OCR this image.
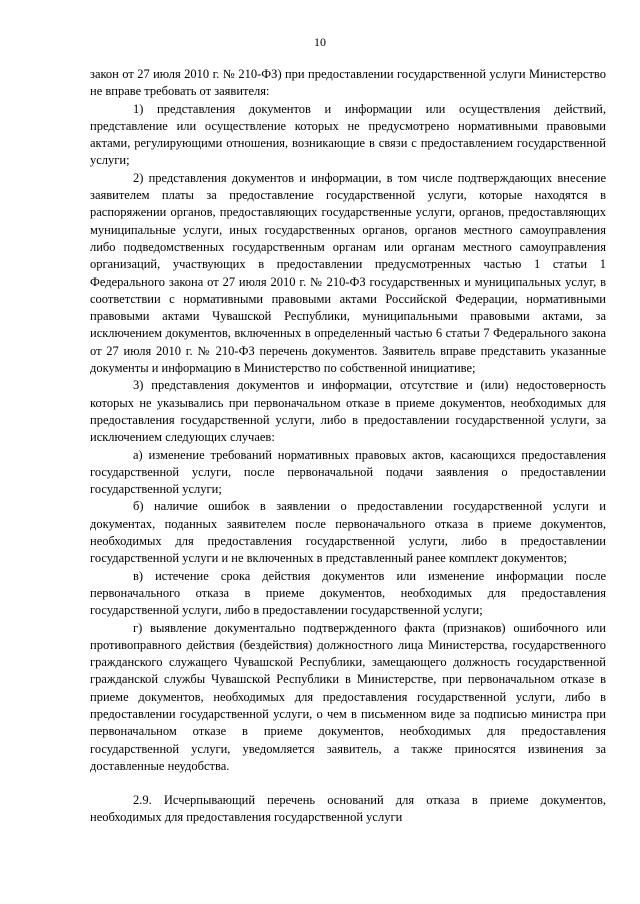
10

закон от 27 июля 2010 г. № 210-ФЗ) при предоставлении государственной услуги Министерство не вправе требовать от заявителя:

1) представления документов и информации или осуществления действий, представление или осуществление которых не предусмотрено нормативными правовыми актами, регулирующими отношения, возникающие в связи с предоставлением государственной услуги;

2) представления документов и информации, в том числе подтверждающих внесение заявителем платы за предоставление государственной услуги, которые находятся в распоряжении органов, предоставляющих государственные услуги, органов, предоставляющих муниципальные услуги, иных государственных органов, органов местного самоуправления либо подведомственных государственным органам или органам местного самоуправления организаций, участвующих в предоставлении предусмотренных частью 1 статьи 1 Федерального закона от 27 июля 2010 г. № 210-ФЗ государственных и муниципальных услуг, в соответствии с нормативными правовыми актами Российской Федерации, нормативными правовыми актами Чувашской Республики, муниципальными правовыми актами, за исключением документов, включенных в определенный частью 6 статьи 7 Федерального закона от 27 июля 2010 г. № 210-ФЗ перечень документов. Заявитель вправе представить указанные документы и информацию в Министерство по собственной инициативе;

3) представления документов и информации, отсутствие и (или) недостоверность которых не указывались при первоначальном отказе в приеме документов, необходимых для предоставления государственной услуги, либо в предоставлении государственной услуги, за исключением следующих случаев:

а) изменение требований нормативных правовых актов, касающихся предоставления государственной услуги, после первоначальной подачи заявления о предоставлении государственной услуги;

б) наличие ошибок в заявлении о предоставлении государственной услуги и документах, поданных заявителем после первоначального отказа в приеме документов, необходимых для предоставления государственной услуги, либо в предоставлении государственной услуги и не включенных в представленный ранее комплект документов;

в) истечение срока действия документов или изменение информации после первоначального отказа в приеме документов, необходимых для предоставления государственной услуги, либо в предоставлении государственной услуги;

г) выявление документально подтвержденного факта (признаков) ошибочного или противоправного действия (бездействия) должностного лица Министерства, государственного гражданского служащего Чувашской Республики, замещающего должность государственной гражданской службы Чувашской Республики в Министерстве, при первоначальном отказе в приеме документов, необходимых для предоставления государственной услуги, либо в предоставлении государственной услуги, о чем в письменном виде за подписью министра при первоначальном отказе в приеме документов, необходимых для предоставления государственной услуги, уведомляется заявитель, а также приносятся извинения за доставленные неудобства.

2.9. Исчерпывающий перечень оснований для отказа в приеме документов, необходимых для предоставления государственной услуги
